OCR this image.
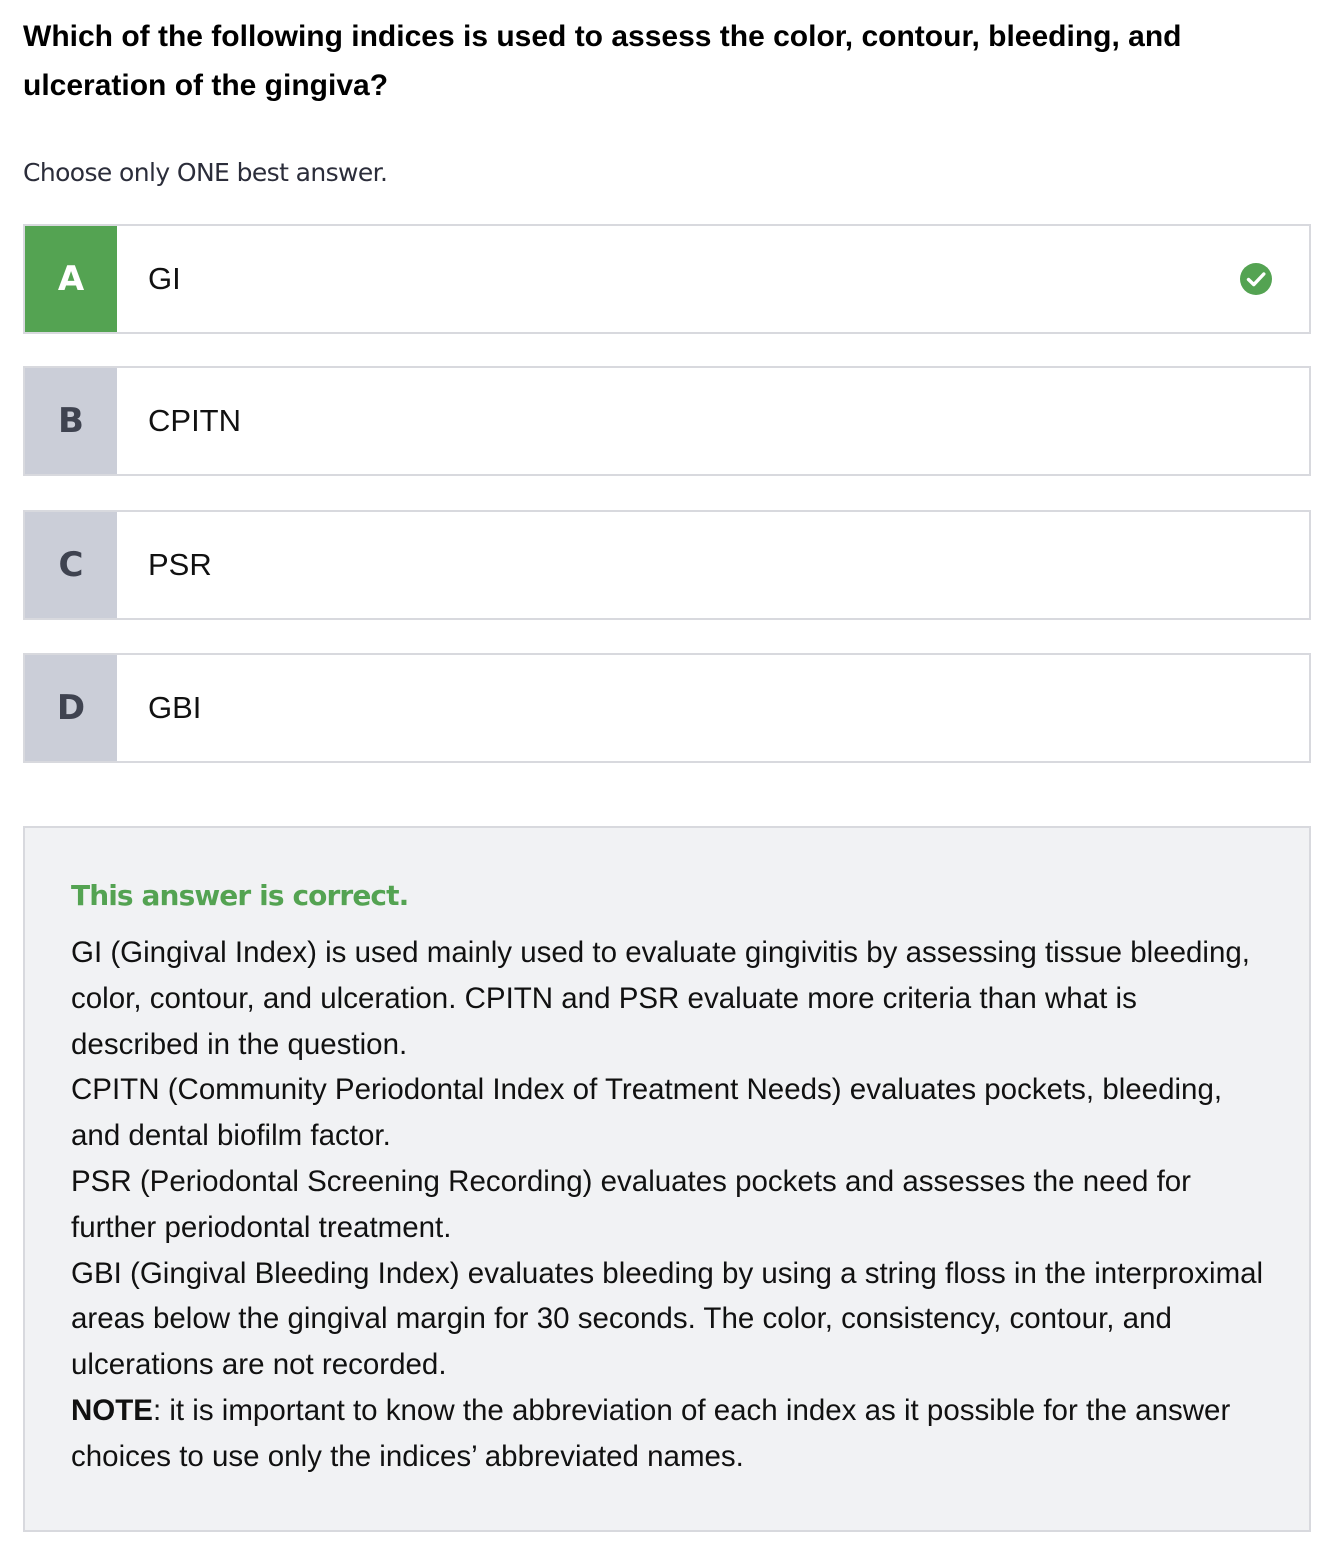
Which of the following indices is used to assess the color, contour, bleeding, and ulceration of the gingiva?
Choose only ONE best answer.
A	GI
B	CPITN
C	PSR
D	GBI
This answer is correct.

GI (Gingival Index) is used mainly used to evaluate gingivitis by assessing tissue bleeding, color, contour, and ulceration. CPITN and PSR evaluate more criteria than what is described in the question.

CPITN (Community Periodontal Index of Treatment Needs) evaluates pockets, bleeding, and dental biofilm factor.

PSR (Periodontal Screening Recording) evaluates pockets and assesses the need for further periodontal treatment.

GBI (Gingival Bleeding Index) evaluates bleeding by using a string floss in the interproximal areas below the gingival margin for 30 seconds. The color, consistency, contour, and ulcerations are not recorded.

NOTE: it is important to know the abbreviation of each index as it possible for the answer choices to use only the indices’ abbreviated names.
